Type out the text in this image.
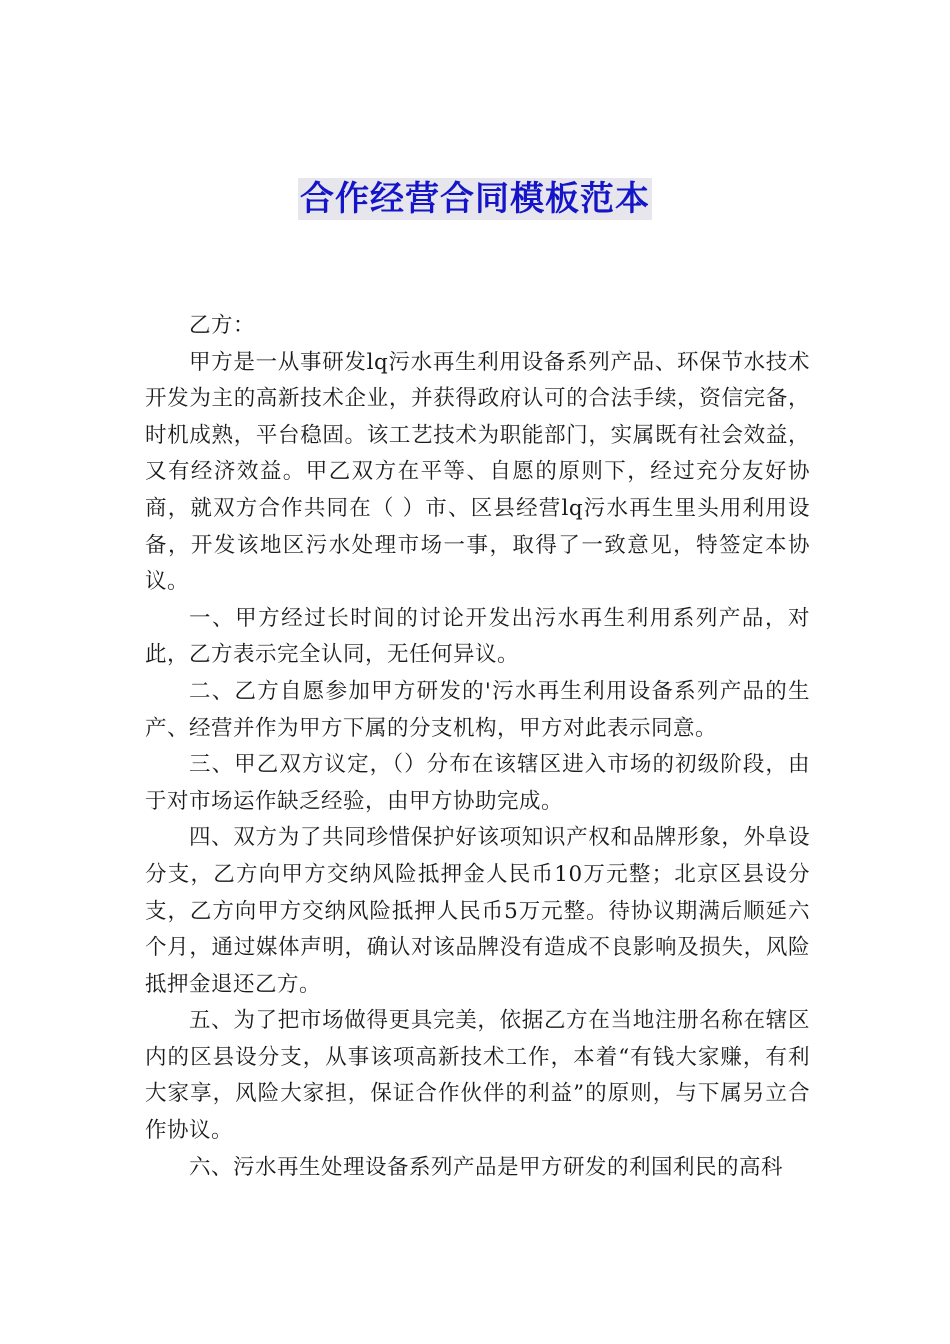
合作经营合同模板范本

乙方：

甲方是一从事研发lq污水再生利用设备系列产品、环保节水技术开发为主的高新技术企业，并获得政府认可的合法手续，资信完备，时机成熟，平台稳固。该工艺技术为职能部门，实属既有社会效益，又有经济效益。甲乙双方在平等、自愿的原则下，经过充分友好协商，就双方合作共同在（ ）市、区县经营lq污水再生里头用利用设备，开发该地区污水处理市场一事，取得了一致意见，特签定本协议。

一、甲方经过长时间的讨论开发出污水再生利用系列产品，对此，乙方表示完全认同，无任何异议。

二、乙方自愿参加甲方研发的'污水再生利用设备系列产品的生产、经营并作为甲方下属的分支机构，甲方对此表示同意。

三、甲乙双方议定，（）分布在该辖区进入市场的初级阶段，由于对市场运作缺乏经验，由甲方协助完成。

四、双方为了共同珍惜保护好该项知识产权和品牌形象，外阜设分支，乙方向甲方交纳风险抵押金人民币10万元整；北京区县设分支，乙方向甲方交纳风险抵押人民币5万元整。待协议期满后顺延六个月，通过媒体声明，确认对该品牌没有造成不良影响及损失，风险抵押金退还乙方。

五、为了把市场做得更具完美，依据乙方在当地注册名称在辖区内的区县设分支，从事该项高新技术工作，本着“有钱大家赚，有利大家享，风险大家担，保证合作伙伴的利益”的原则，与下属另立合作协议。

六、污水再生处理设备系列产品是甲方研发的利国利民的高科
